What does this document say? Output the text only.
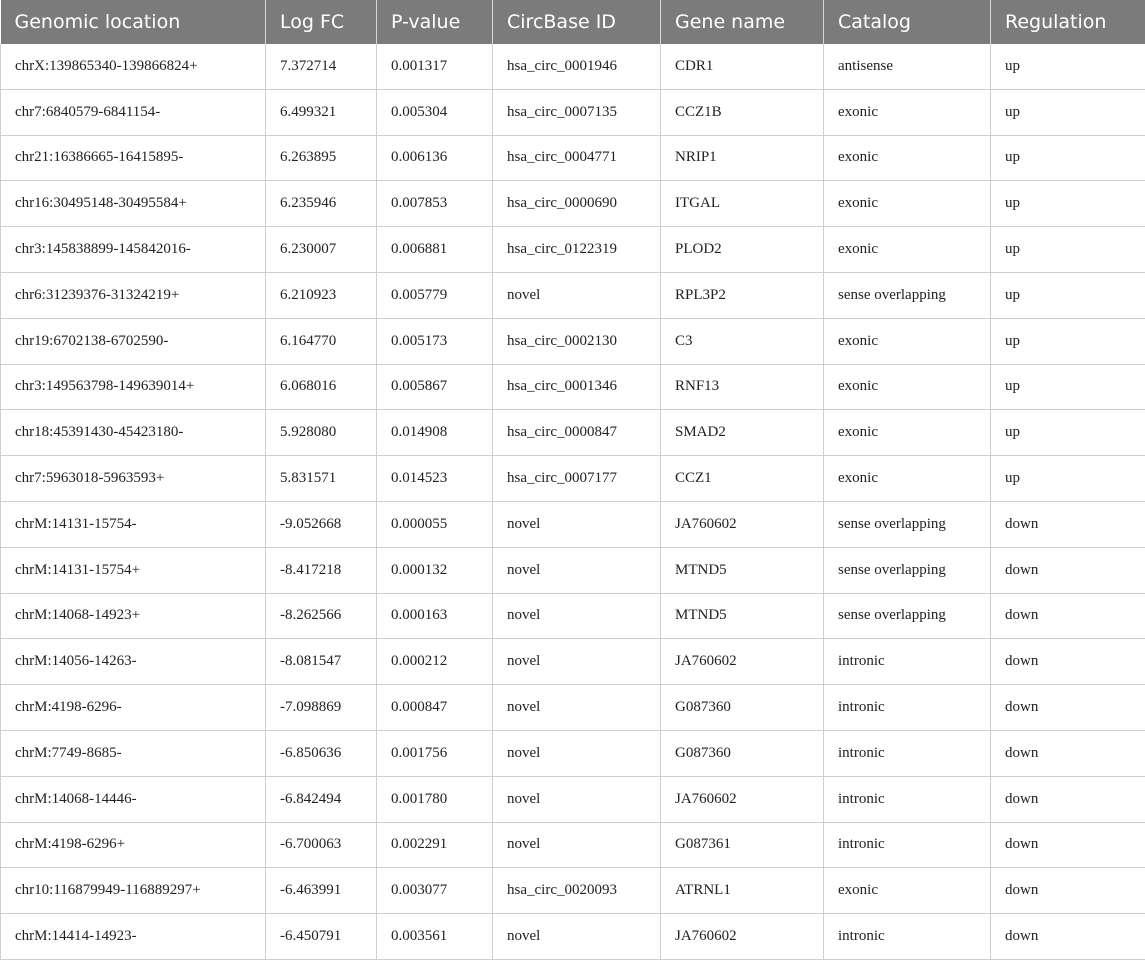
Genomic location	Log FC	P-value	CircBase ID	Gene name	Catalog	Regulation
chrX:139865340-139866824+	7.372714	0.001317	hsa_circ_0001946	CDR1	antisense	up
chr7:6840579-6841154-	6.499321	0.005304	hsa_circ_0007135	CCZ1B	exonic	up
chr21:16386665-16415895-	6.263895	0.006136	hsa_circ_0004771	NRIP1	exonic	up
chr16:30495148-30495584+	6.235946	0.007853	hsa_circ_0000690	ITGAL	exonic	up
chr3:145838899-145842016-	6.230007	0.006881	hsa_circ_0122319	PLOD2	exonic	up
chr6:31239376-31324219+	6.210923	0.005779	novel	RPL3P2	sense overlapping	up
chr19:6702138-6702590-	6.164770	0.005173	hsa_circ_0002130	C3	exonic	up
chr3:149563798-149639014+	6.068016	0.005867	hsa_circ_0001346	RNF13	exonic	up
chr18:45391430-45423180-	5.928080	0.014908	hsa_circ_0000847	SMAD2	exonic	up
chr7:5963018-5963593+	5.831571	0.014523	hsa_circ_0007177	CCZ1	exonic	up
chrM:14131-15754-	-9.052668	0.000055	novel	JA760602	sense overlapping	down
chrM:14131-15754+	-8.417218	0.000132	novel	MTND5	sense overlapping	down
chrM:14068-14923+	-8.262566	0.000163	novel	MTND5	sense overlapping	down
chrM:14056-14263-	-8.081547	0.000212	novel	JA760602	intronic	down
chrM:4198-6296-	-7.098869	0.000847	novel	G087360	intronic	down
chrM:7749-8685-	-6.850636	0.001756	novel	G087360	intronic	down
chrM:14068-14446-	-6.842494	0.001780	novel	JA760602	intronic	down
chrM:4198-6296+	-6.700063	0.002291	novel	G087361	intronic	down
chr10:116879949-116889297+	-6.463991	0.003077	hsa_circ_0020093	ATRNL1	exonic	down
chrM:14414-14923-	-6.450791	0.003561	novel	JA760602	intronic	down
